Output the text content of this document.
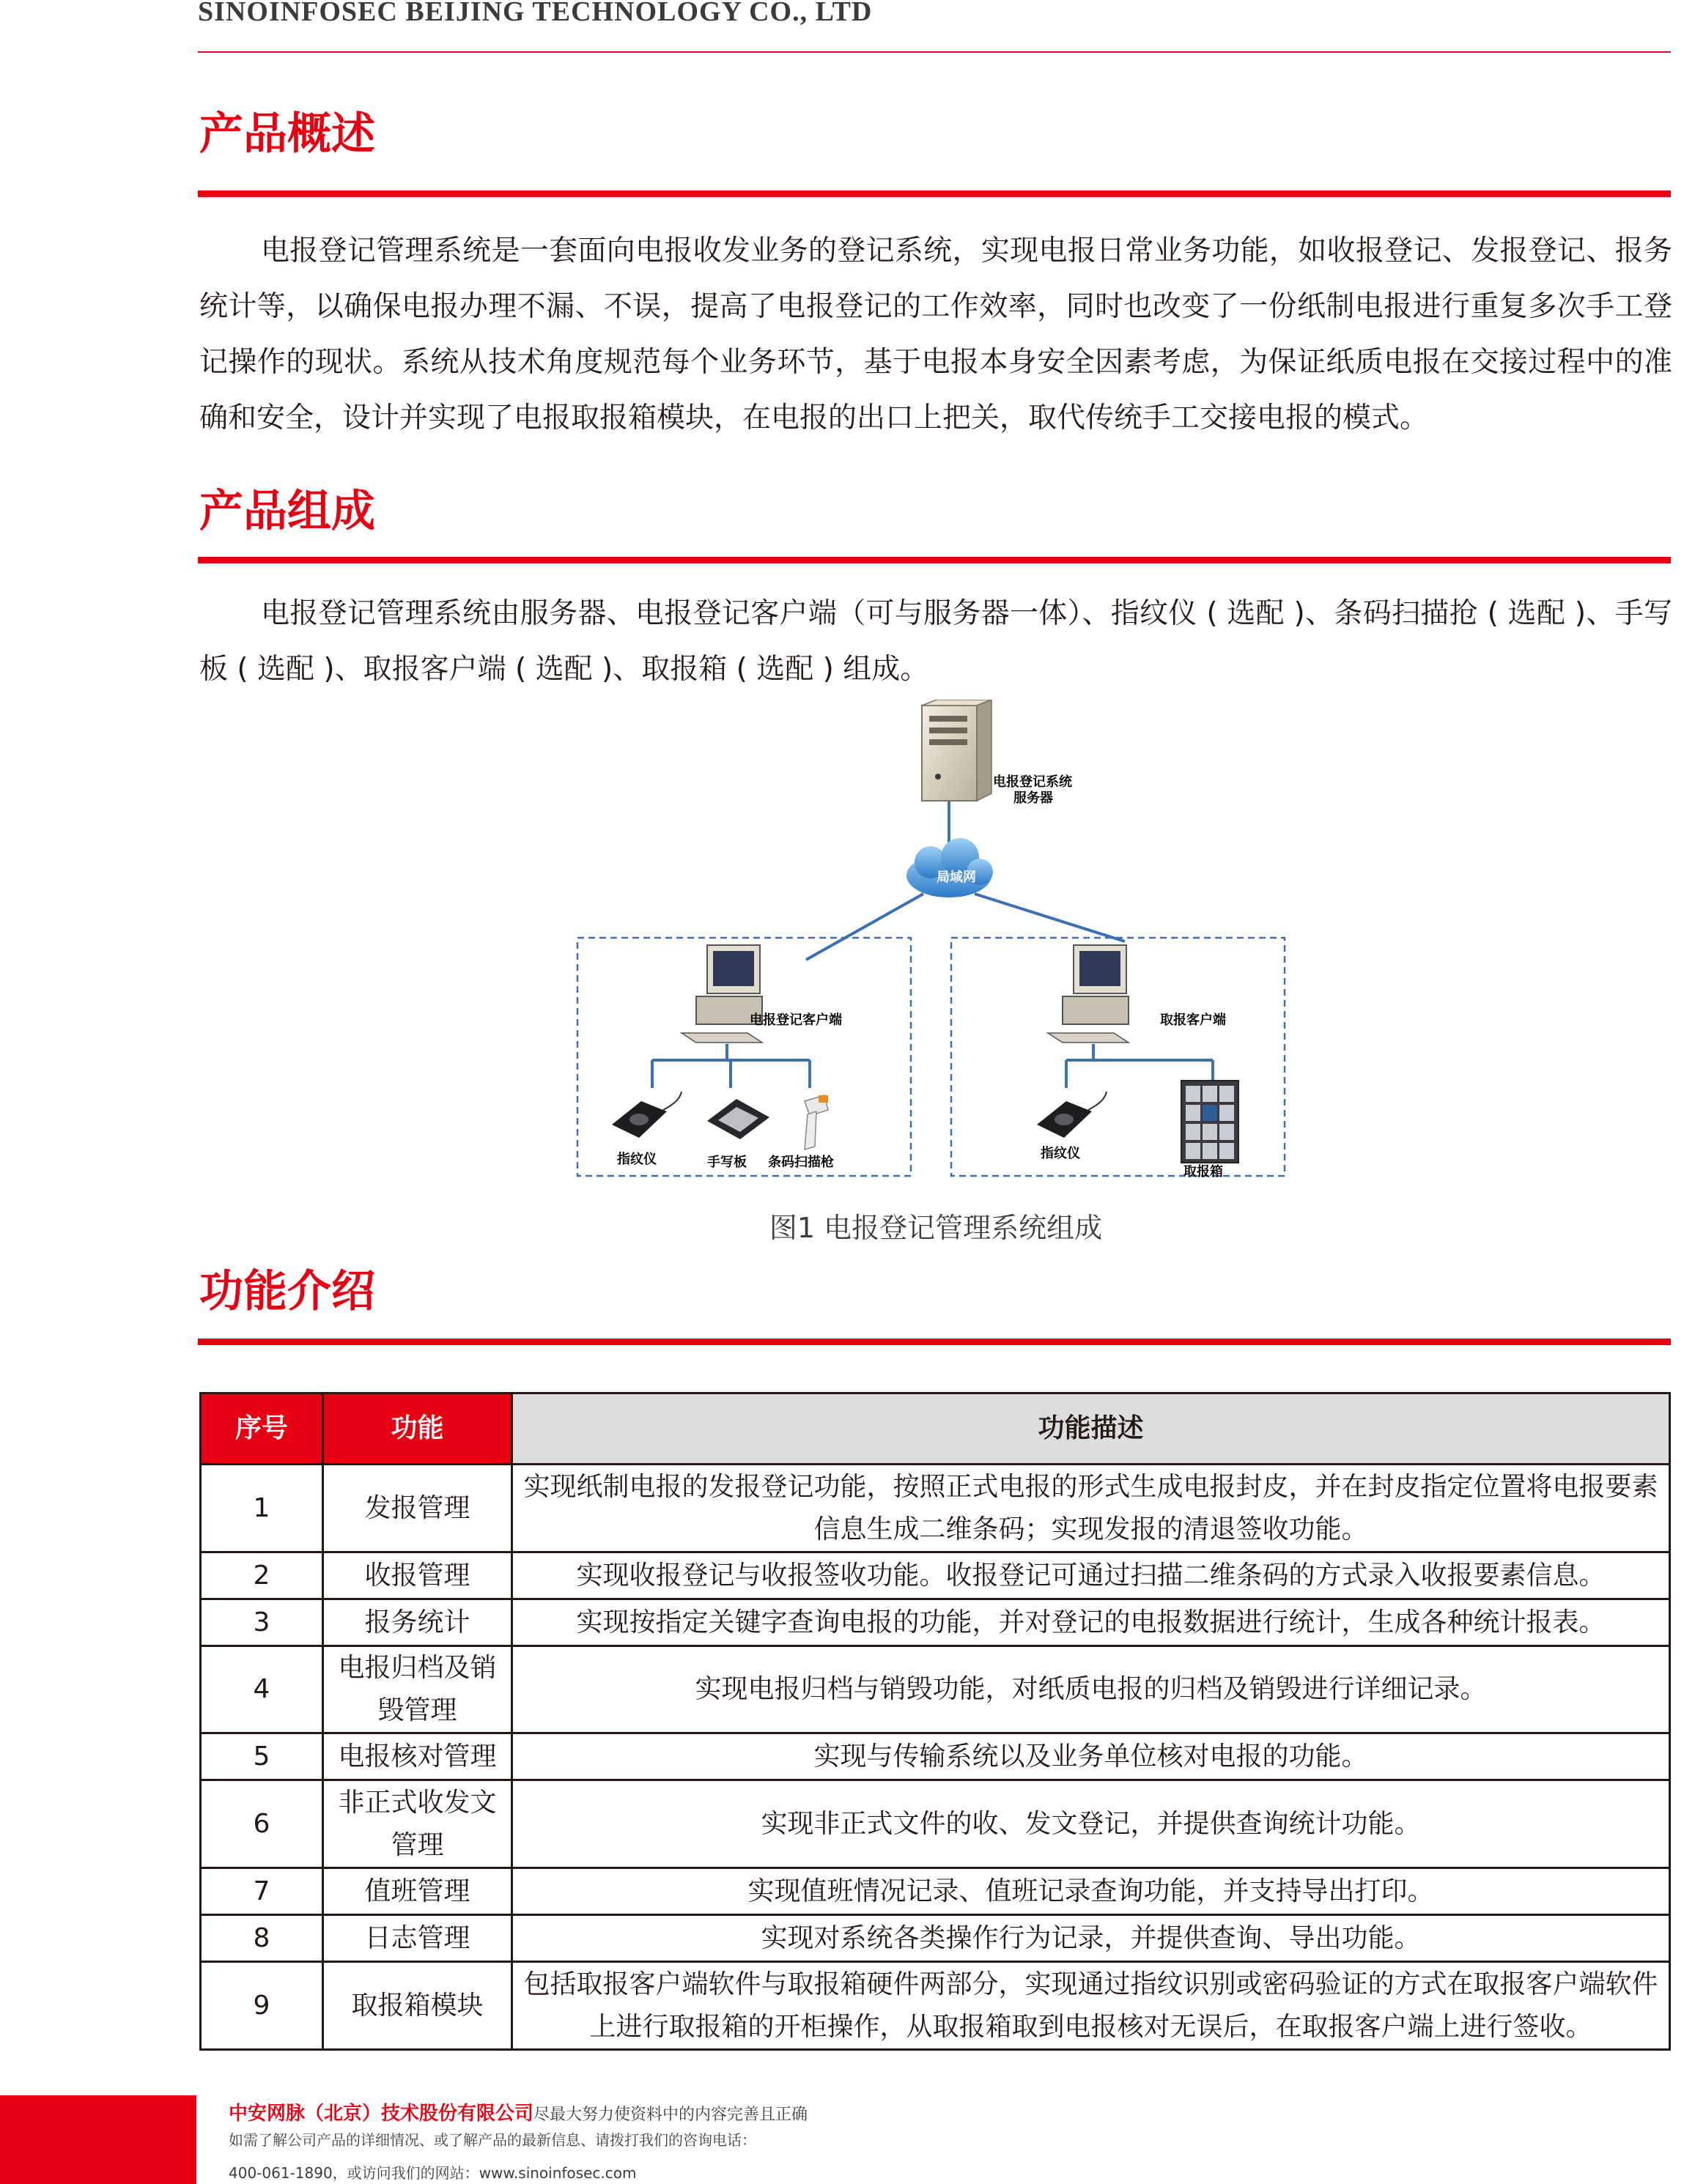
SINOINFOSEC BEIJING TECHNOLOGY CO., LTD
产品概述

电报登记管理系统是一套面向电报收发业务的登记系统，实现电报日常业务功能，如收报登记、发报登记、报务统计等，以确保电报办理不漏、不误，提高了电报登记的工作效率，同时也改变了一份纸制电报进行重复多次手工登记操作的现状。系统从技术角度规范每个业务环节，基于电报本身安全因素考虑，为保证纸质电报在交接过程中的准确和安全，设计并实现了电报取报箱模块，在电报的出口上把关，取代传统手工交接电报的模式。

产品组成

电报登记管理系统由服务器、电报登记客户端（可与服务器一体）、指纹仪 ( 选配 )、条码扫描抢 ( 选配 )、手写板 ( 选配 )、取报客户端 ( 选配 )、取报箱 ( 选配 ) 组成。

电报登记系统
服务器
局域网
电报登记客户端
指纹仪	手写板 条码扫描枪
取报客户端
指纹仪
取报箱
图1 电报登记管理系统组成
功能介绍
序号	功能	功能描述
1	发报管理	实现纸制电报的发报登记功能，按照正式电报的形式生成电报封皮，并在封皮指定位置将电报要素信息生成二维条码；实现发报的清退签收功能。
2	收报管理	实现收报登记与收报签收功能。收报登记可通过扫描二维条码的方式录入收报要素信息。
3	报务统计	实现按指定关键字查询电报的功能，并对登记的电报数据进行统计，生成各种统计报表。
4	电报归档及销毁管理	实现电报归档与销毁功能，对纸质电报的归档及销毁进行详细记录。
5	电报核对管理	实现与传输系统以及业务单位核对电报的功能。
6	非正式收发文管理	实现非正式文件的收、发文登记，并提供查询统计功能。
7	值班管理	实现值班情况记录、值班记录查询功能，并支持导出打印。
8	日志管理	实现对系统各类操作行为记录，并提供查询、导出功能。
9	取报箱模块	包括取报客户端软件与取报箱硬件两部分，实现通过指纹识别或密码验证的方式在取报客户端软件上进行取报箱的开柜操作，从取报箱取到电报核对无误后，在取报客户端上进行签收。
中安网脉（北京）技术股份有限公司尽最大努力使资料中的内容完善且正确
如需了解公司产品的详细情况、或了解产品的最新信息、请拨打我们的咨询电话：
400-061-1890，或访问我们的网站：www.sinoinfosec.com
